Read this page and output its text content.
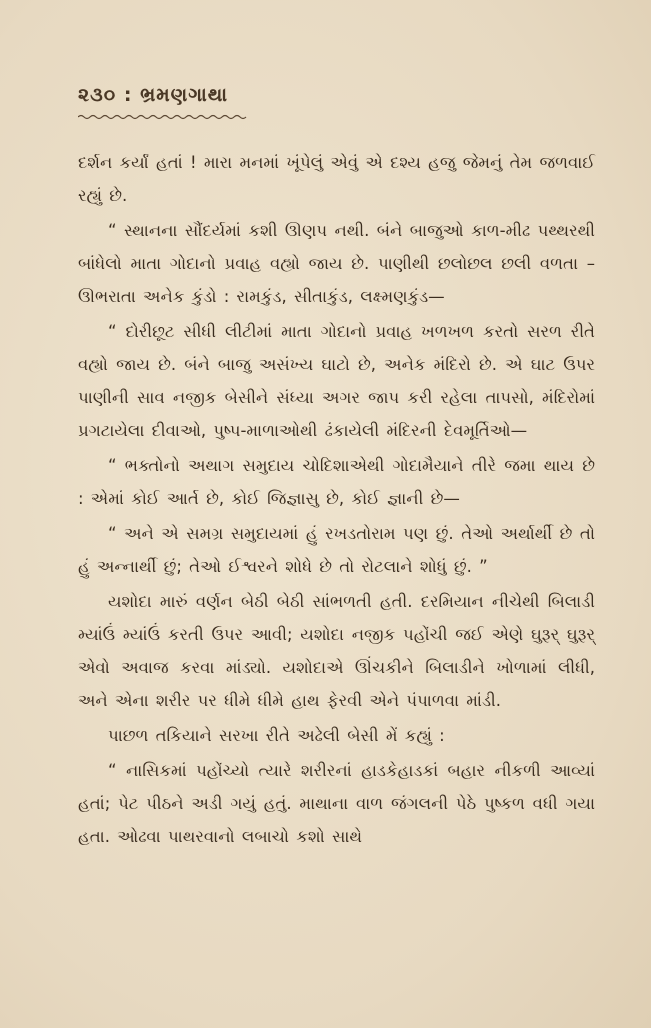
૨૩૦ : ભ્રમણગાથા

દર્શન કર્યાં હતાં ! મારા મનમાં ખૂંપેલું એવું એ દશ્ય હજુ જેમનું તેમ જળવાઈ રહ્યું છે.

“ સ્થાનના સૌંદર્યમાં કશી ઊણપ નથી. બંને બાજુઓ કાળ-મીઢ પથ્થરથી બાંધેલો માતા ગોદાનો પ્રવાહ વહ્યો જાય છે. પાણીથી છલોછલ છલી વળતા – ઊભરાતા અનેક કુંડો : રામકુંડ, સીતાકુંડ, લક્ષ્મણકુંડ—

“ દોરીછૂટ સીધી લીટીમાં માતા ગોદાનો પ્રવાહ ખળખળ કરતો સરળ રીતે વહ્યો જાય છે. બંને બાજુ અસંખ્ય ઘાટો છે, અનેક મંદિરો છે. એ ઘાટ ઉપર પાણીની સાવ નજીક બેસીને સંધ્યા અગર જાપ કરી રહેલા તાપસો, મંદિરોમાં પ્રગટાયેલા દીવાઓ, પુષ્પ-માળાઓથી ઢંકાયેલી મંદિરની દેવમૂર્તિઓ—

“ ભક્તોનો અથાગ સમુદાય ચોદિશાએથી ગોદામૈયાને તીરે જમા થાય છે : એમાં કોઈ આર્ત છે, કોઈ જિજ્ઞાસુ છે, કોઈ જ્ઞાની છે—

“ અને એ સમગ્ર સમુદાયમાં હું રખડતોરામ પણ છું. તેઓ અર્થાર્થી છે તો હું અન્નાર્થી છું; તેઓ ઈશ્વરને શોધે છે તો રોટલાને શોધું છું. ”

યશોદા મારું વર્ણન બેઠી બેઠી સાંભળતી હતી. દરમિયાન નીચેથી બિલાડી મ્યાંઉં મ્યાંઉં કરતી ઉપર આવી; યશોદા નજીક પહોંચી જઈ એણે ઘુરૂર્ ઘુરૂર્ એવો અવાજ કરવા માંડ્યો. યશોદાએ ઊંચકીને બિલાડીને ખોળામાં લીધી, અને એના શરીર પર ધીમે ધીમે હાથ ફેરવી એને પંપાળવા માંડી.

પાછળ તકિયાને સરખા રીતે અઢેલી બેસી મેં કહ્યું :

“ નાસિકમાં પહોંચ્યો ત્યારે શરીરનાં હાડકેહાડકાં બહાર નીકળી આવ્યાં હતાં; પેટ પીઠને અડી ગયું હતું. માથાના વાળ જંગલની પેઠે પુષ્કળ વધી ગયા હતા. ઓઢવા પાથરવાનો લબાચો કશો સાથે
